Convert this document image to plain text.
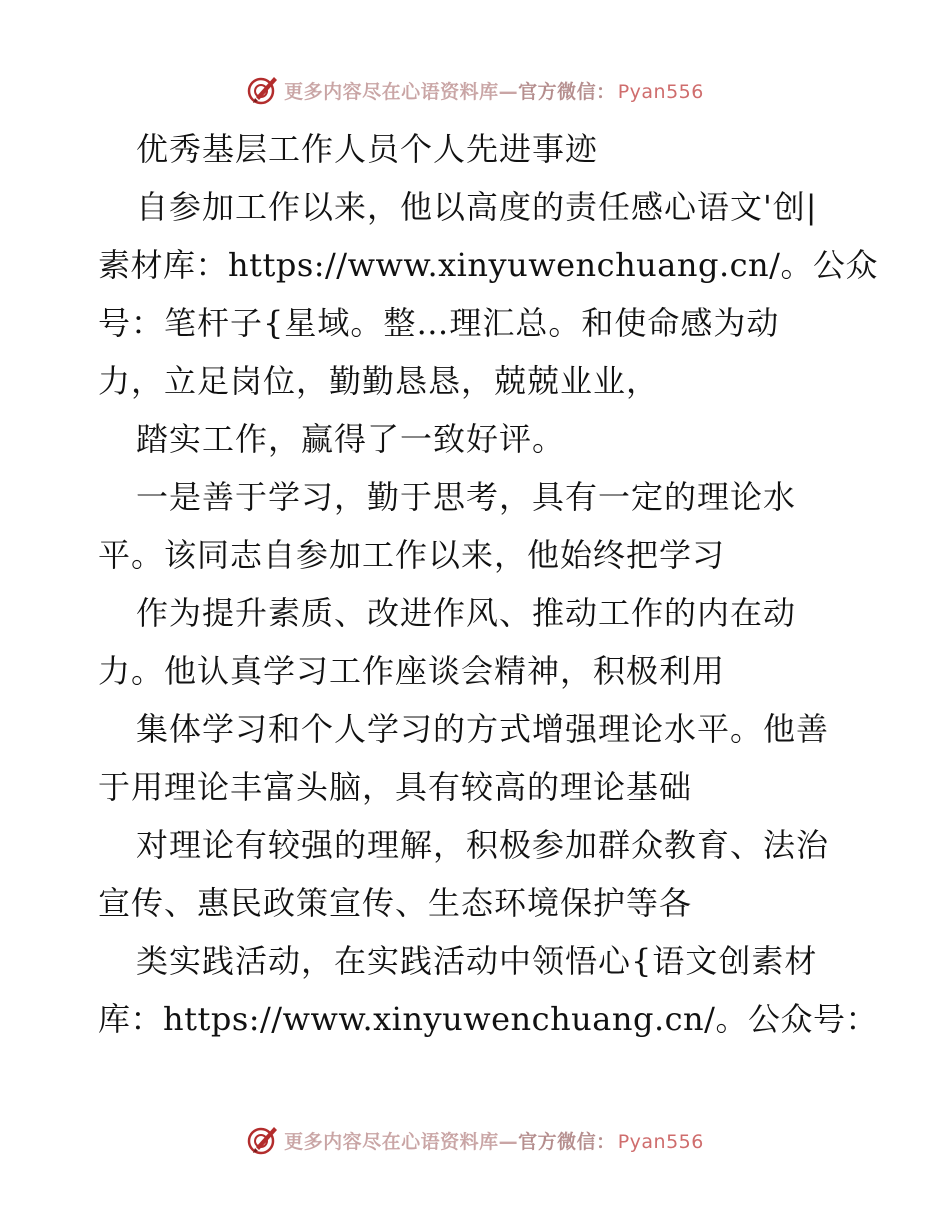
更多内容尽在心语资料库—官方微信： Pyan556
优秀基层工作人员个人先进事迹
自参加工作以来，他以高度的责任感心语文'创|
素材库：https://www.xinyuwenchuang.cn/。公众
号：笔杆子{星域。整…理汇总。和使命感为动
力，立足岗位，勤勤恳恳，兢兢业业，
踏实工作，赢得了一致好评。
一是善于学习，勤于思考，具有一定的理论水
平。该同志自参加工作以来，他始终把学习
作为提升素质、改进作风、推动工作的内在动
力。他认真学习工作座谈会精神，积极利用
集体学习和个人学习的方式增强理论水平。他善
于用理论丰富头脑，具有较高的理论基础
对理论有较强的理解，积极参加群众教育、法治
宣传、惠民政策宣传、生态环境保护等各
类实践活动，在实践活动中领悟心{语文创素材
库：https://www.xinyuwenchuang.cn/。公众号：
更多内容尽在心语资料库—官方微信： Pyan556
